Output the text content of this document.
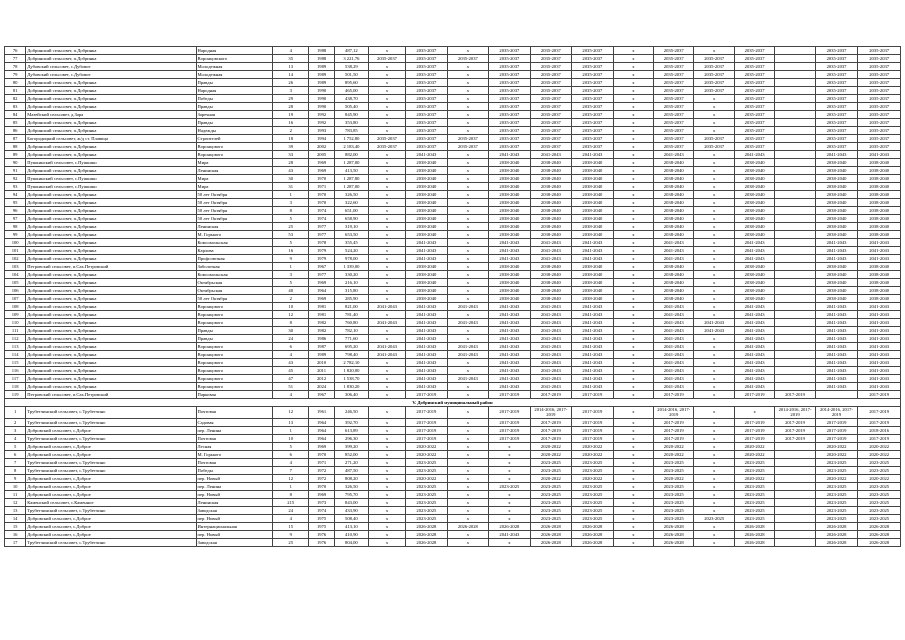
76	Добринский сельсовет, п.Добринка	Народная	4	1988	487,12	x	2035-2037	x	2035-2037	2035-2037	2035-2037	x	2035-2037	x	2035-2037		2035-2037	2035-2037
77	Добринский сельсовет, п.Добринка	Воронцовского	35	1988	3 221,76	2035-2037	2035-2037	2035-2037	2035-2037	2035-2037	2035-2037	x	2035-2037	2035-2037	2035-2037		2035-2037	2035-2037
78	Дубовский сельсовет, с.Дубовое	Молодежная	13	1989	538,29	x	2035-2037	x	2035-2037	2035-2037	2035-2037	x	2035-2037	2035-2037	2035-2037		2035-2037	2035-2037
79	Дубовский сельсовет, с.Дубовое	Молодежная	14	1989	501,50	x	2035-2037	x	2035-2037	2035-2037	2035-2037	x	2035-2037	2035-2037	2035-2037		2035-2037	2035-2037
80	Добринский сельсовет, п.Добринка	Правды	26	1989	895,60	x	2035-2037	x	2035-2037	2035-2037	2035-2037	x	2035-2037	2035-2037	2035-2037		2035-2037	2035-2037
81	Добринский сельсовет, п.Добринка	Народная	3	1990	465,00	x	2035-2037	x	2035-2037	2035-2037	2035-2037	x	2035-2037	2035-2037	2035-2037		2035-2037	2035-2037
82	Добринский сельсовет, п.Добринка	Победы	29	1990	438,70	x	2035-2037	x	2035-2037	2035-2037	2035-2037	x	2035-2037	x	2035-2037		2035-2037	2035-2037
83	Добринский сельсовет, п.Добринка	Правды	28	1990	505,40	x	2035-2037	x	2035-2037	2035-2037	2035-2037	x	2035-2037	x	2035-2037		2035-2037	2035-2037
84	Мазейский сельсовет, д.Зара	Заречная	19	1992	845,90	x	2035-2037	x	2035-2037	2035-2037	2035-2037	x	2035-2037	x	2035-2037		2035-2037	2035-2037
85	Добринский сельсовет, п.Добринка	Правды	16	1992	353,80	x	2035-2037	x	2035-2037	2035-2037	2035-2037	x	2035-2037	x	2035-2037		2035-2037	2035-2037
86	Добринский сельсовет, п.Добринка	Надежды	2	1993	783,85	x	2035-2037	x	2035-2037	2035-2037	2035-2037	x	2035-2037	x	2035-2037		2035-2037	2035-2037
87	Богородицкий сельсовет, ж/д ст. Плавица	Строителей	18	1994	1 752,80	2035-2037	2035-2037	2035-2037	2035-2037	2035-2037	2035-2037	x	2035-2037	2035-2037	2035-2037		2035-2037	2035-2037
88	Добринский сельсовет, п.Добринка	Воронцового	39	2002	2 183,40	2035-2037	2035-2037	2035-2037	2035-2037	2035-2037	2035-2037	x	2035-2037	2035-2037	2035-2037		2035-2037	2035-2037
89	Добринский сельсовет, п.Добринка	Воронцового	33	2005	882,00	x	2041-2043	x	2041-2043	2041-2043	2041-2043	x	2041-2043	x	2041-2043		2041-2043	2041-2043
90	Пушкинский сельсовет, с.Пушкино	Мира	28	1969	1 287,00	x	2038-2040	x	2038-2040	2038-2040	2038-2040	x	2038-2040	x	2038-2040		2038-2040	2038-2040
91	Добринский сельсовет, п.Добринка	Ленинская	43	1969	413,50	x	2038-2040	x	2038-2040	2038-2040	2038-2040	x	2038-2040	x	2038-2040		2038-2040	2038-2040
92	Пушкинский сельсовет, с.Пушкино	Мира	30	1970	1 287,80	x	2038-2040	x	2038-2040	2038-2040	2038-2040	x	2038-2040	x	2038-2040		2038-2040	2038-2040
93	Пушкинский сельсовет, с.Пушкино	Мира	31	1971	1 287,00	x	2038-2040	x	2038-2040	2038-2040	2038-2040	x	2038-2040	x	2038-2040		2038-2040	2038-2040
94	Добринский сельсовет, п.Добринка	50 лет Октября	1	1970	326,50	x	2038-2040	x	2038-2040	2038-2040	2038-2040	x	2038-2040	x	2038-2040		2038-2040	2038-2040
95	Добринский сельсовет, п.Добринка	50 лет Октября	3	1970	322,60	x	2038-2040	x	2038-2040	2038-2040	2038-2040	x	2038-2040	x	2038-2040		2038-2040	2038-2040
96	Добринский сельсовет, п.Добринка	50 лет Октября	8	1974	651,00	x	2038-2040	x	2038-2040	2038-2040	2038-2040	x	2038-2040	x	2038-2040		2038-2040	2038-2040
97	Добринский сельсовет, п.Добринка	50 лет Октября	5	1974	658,90	x	2038-2040	x	2038-2040	2038-2040	2038-2040	x	2038-2040	x	2038-2040		2038-2040	2038-2040
98	Добринский сельсовет, п.Добринка	Ленинская	25	1977	319,10	x	2038-2040	x	2038-2040	2038-2040	2038-2040	x	2038-2040	x	2038-2040		2038-2040	2038-2040
99	Добринский сельсовет, п.Добринка	М. Горького	53	1977	653,50	x	2038-2040	x	2038-2040	2038-2040	2038-2040	x	2038-2040	x	2038-2040		2038-2040	2038-2040
100	Добринский сельсовет, п.Добринка	Комсомольская	5	1978	355,45	x	2041-2043	x	2041-2043	2041-2043	2041-2043	x	2041-2043	x	2041-2043		2041-2043	2041-2043
101	Добринский сельсовет, п.Добринка	Карлова	16	1979	524,20	x	2041-2043	x	2041-2043	2041-2043	2041-2043	x	2041-2043	x	2041-2043		2041-2043	2041-2043
102	Добринский сельсовет, п.Добринка	Профсоюзная	9	1979	978,00	x	2041-2043	x	2041-2043	2041-2043	2041-2043	x	2041-2043	x	2041-2043		2041-2043	2041-2043
103	Петровский сельсовет, п.Сах.Петровский	Заболотная	1	1967	1 339,00	x	2038-2040	x	2038-2040	2038-2040	2038-2040	x	2038-2040	x	2038-2040		2038-2040	2038-2040
104	Добринский сельсовет, п.Добринка	Комсомольская	3	1977	330,20	x	2038-2040	x	2038-2040	2038-2040	2038-2040	x	2038-2040	x	2038-2040		2038-2040	2038-2040
105	Добринский сельсовет, п.Добринка	Октябрьская	5	1969	216,10	x	2038-2040	x	2038-2040	2038-2040	2038-2040	x	2038-2040	x	2038-2040		2038-2040	2038-2040
106	Добринский сельсовет, п.Добринка	Октябрьская	40	1964	315,80	x	2038-2040	x	2038-2040	2038-2040	2038-2040	x	2038-2040	x	2038-2040		2038-2040	2038-2040
107	Добринский сельсовет, п.Добринка	50 лет Октября	2	1969	285,90	x	2038-2040	x	2038-2040	2038-2040	2038-2040	x	2038-2040	x	2038-2040		2038-2040	2038-2040
108	Добринский сельсовет, п.Добринка	Воронцового	10	1981	821,00	2041-2043	2041-2043	2041-2043	2041-2043	2041-2043	2041-2043	x	2041-2043	x	2041-2043		2041-2043	2041-2043
109	Добринский сельсовет, п.Добринка	Воронцового	12	1981	781,40	x	2041-2043	x	2041-2043	2041-2043	2041-2043	x	2041-2043	x	2041-2043		2041-2043	2041-2043
110	Добринский сельсовет, п.Добринка	Воронцового	8	1982	760,80	2041-2043	2041-2043	2041-2043	2041-2043	2041-2043	2041-2043	x	2041-2043	2041-2043	2041-2043		2041-2043	2041-2043
111	Добринский сельсовет, п.Добринка	Правды	30	1982	782,10	x	2041-2043	x	2041-2043	2041-2043	2041-2043	x	2041-2043	2041-2043	2041-2043		2041-2043	2041-2043
112	Добринский сельсовет, п.Добринка	Правды	24	1986	771,60	x	2041-2043	x	2041-2043	2041-2043	2041-2043	x	2041-2043	x	2041-2043		2041-2043	2041-2043
113	Добринский сельсовет, п.Добринка	Воронцового	6	1987	695,20	2041-2043	2041-2043	2041-2043	2041-2043	2041-2043	2041-2043	x	2041-2043	x	2041-2043		2041-2043	2041-2043
114	Добринский сельсовет, п.Добринка	Воронцового	4	1989	798,40	2041-2043	2041-2043	2041-2043	2041-2043	2041-2043	2041-2043	x	2041-2043	x	2041-2043		2041-2043	2041-2043
115	Добринский сельсовет, п.Добринка	Воронцового	43	2010	2 782,10	x	2041-2043	x	2041-2043	2041-2043	2041-2043	x	2041-2043	x	2041-2043		2041-2043	2041-2043
116	Добринский сельсовет, п.Добринка	Воронцового	45	2011	1 820,00	x	2041-2043	x	2041-2043	2041-2043	2041-2043	x	2041-2043	x	2041-2043		2041-2043	2041-2043
117	Добринский сельсовет, п.Добринка	Воронцового	47	2012	1 538,70	x	2041-2043	2041-2043	2041-2043	2041-2043	2041-2043	x	2041-2043	x	2041-2043		2041-2043	2041-2043
118	Добринский сельсовет, п.Добринка	Воронцового	51	2024	1 830,20	x	2041-2043	x	2041-2043	2041-2043	2041-2043	x	2041-2043	x	2041-2043		2041-2043	2041-2043
119	Петровский сельсовет, п.Сах.Петровский	Парковая	4	1967	306,40	x	2017-2019	x	2017-2019	2017-2019	2017-2019	x	2017-2019	x	2017-2019	2017-2019		2017-2019
V. Добринский муниципальный район																		
1	Трубетчинский сельсовет, с.Трубетчино	Почтовая	12	1961	246,50	x	2017-2019	x	2017-2019	2014-2016, 2017-2019	2017-2019	x	2014-2016, 2017-2019	x	x	2014-2016, 2017-2019	2014-2016, 2017-2019	2017-2019
2	Трубетчинский сельсовет, с.Трубетчино	Садовая	13	1964	392,70	x	2017-2019	x	2017-2019	2017-2019	2017-2019	x	2017-2019	x	2017-2019	2017-2019	2017-2019	2017-2019
3	Добровский сельсовет, с.Доброе	пер. Ленина	1	1964	613,89	x	2017-2019	x	2017-2019	2017-2019	2017-2019	x	2017-2019	x	2017-2019	2017-2019	2017-2019	2018-2016
4	Трубетчинский сельсовет, с.Трубетчино	Почтовая	10	1964	296,30	x	2017-2019	x	2017-2019	2017-2019	2017-2019	x	2017-2019	x	2017-2019	2017-2019	2017-2019	2017-2019
5	Добровский сельсовет, с.Доброе	Лесная	5	1969	399,20	x	2020-2022	x	x	2020-2022	2020-2022	x	2020-2022	x	2020-2022		2020-2022	2020-2022
6	Добровский сельсовет, с.Доброе	М. Горького	6	1970	852,00	x	2020-2022	x	x	2020-2022	2020-2022	x	2020-2022	x	2020-2022		2020-2022	2020-2022
7	Трубетчинский сельсовет, с.Трубетчино	Почтовая	4	1971	271,20	x	2023-2025	x	x	2023-2025	2023-2025	x	2023-2025	x	2023-2025		2023-2025	2023-2025
8	Трубетчинский сельсовет, с.Трубетчино	Победы	7	1972	487,50	x	2023-2025	x	x	2023-2025	2023-2025	x	2023-2025	x	2023-2025		2023-2025	2023-2025
9	Добровский сельсовет, с.Доброе	пер. Новый	12	1972	808,20	x	2020-2022	x	x	2020-2022	2020-2022	x	2020-2022	x	2020-2022		2020-2022	2020-2022
10	Добровский сельсовет, с.Доброе	пер. Ленина	1	1970	326,50	x	2023-2025	x	2023-2025	2023-2025	2023-2025	x	2023-2025	x	2023-2025		2023-2025	2023-2025
11	Добровский сельсовет, с.Доброе	пер. Новый	8	1969	795,70	x	2023-2025	x	x	2023-2025	2023-2025	x	2023-2025	x	2023-2025		2023-2025	2023-2025
12	Каменский сельсовет, с.Каменное	Ленинская	215	1973	843,00	x	2023-2025	x	x	2023-2025	2023-2025	x	2023-2025	x	2023-2025		2023-2025	2023-2025
13	Трубетчинский сельсовет, с.Трубетчино	Заводская	24	1974	433,90	x	2023-2025	x	x	2023-2025	2023-2025	x	2023-2025	x	2023-2025		2023-2025	2023-2025
14	Добровский сельсовет, с.Доброе	пер. Новый	4	1975	508,40	x	2023-2025	x	x	2023-2025	2023-2025	x	2023-2025	2023-2025	2023-2025		2023-2025	2023-2025
15	Добровский сельсовет, с.Доброе	Интернациональная	15	1975	413,10	x	2026-2028	2026-2028	2026-2028	2026-2028	2026-2028	x	2026-2028	x	2026-2028		2026-2028	2026-2028
16	Добровский сельсовет, с.Доброе	пер. Новый	9	1976	410,90	x	2026-2028	x	2041-2043	2026-2028	2026-2028	x	2026-2028	x	2026-2028		2026-2028	2026-2028
17	Трубетчинский сельсовет, с.Трубетчино	Заводская	25	1976	804,00	x	2026-2028	x	x	2026-2028	2026-2028	x	2026-2028	x	2026-2028		2026-2028	2026-2028
